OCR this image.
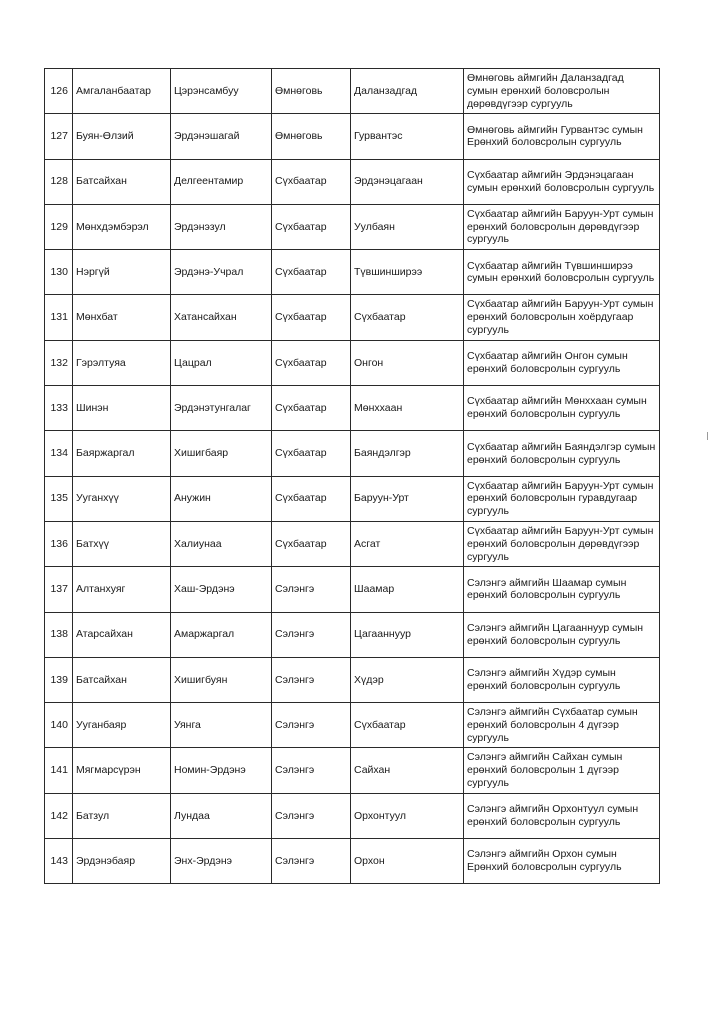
126	Амгаланбаатар	Цэрэнсамбуу	Өмнөговь	Даланзадгад	Өмнөговь аймгийн Даланзадгад сумын ерөнхий боловсролын дөрөвдүгээр сургууль
127	Буян-Өлзий	Эрдэнэшагай	Өмнөговь	Гурвантэс	Өмнөговь аймгийн Гурвантэс сумын Ерөнхий боловсролын сургууль
128	Батсайхан	Делгеентамир	Сүхбаатар	Эрдэнэцагаан	Сүхбаатар аймгийн Эрдэнэцагаан сумын ерөнхий боловсролын сургууль
129	Мөнхдэмбэрэл	Эрдэнэзул	Сүхбаатар	Уулбаян	Сүхбаатар аймгийн Баруун-Урт сумын ерөнхий боловсролын дөрөвдүгээр сургууль
130	Нэргүй	Эрдэнэ-Учрал	Сүхбаатар	Түвшинширээ	Сүхбаатар аймгийн Түвшинширээ сумын ерөнхий боловсролын сургууль
131	Мөнхбат	Хатансайхан	Сүхбаатар	Сүхбаатар	Сүхбаатар аймгийн Баруун-Урт сумын ерөнхий боловсролын хоёрдугаар сургууль
132	Гэрэлтуяа	Цацрал	Сүхбаатар	Онгон	Сүхбаатар аймгийн Онгон сумын ерөнхий боловсролын сургууль
133	Шинэн	Эрдэнэтунгалаг	Сүхбаатар	Мөнххаан	Сүхбаатар аймгийн Мөнххаан сумын ерөнхий боловсролын сургууль
134	Баяржаргал	Хишигбаяр	Сүхбаатар	Баяндэлгэр	Сүхбаатар аймгийн Баяндэлгэр сумын ерөнхий боловсролын сургууль
135	Ууганхүү	Анужин	Сүхбаатар	Баруун-Урт	Сүхбаатар аймгийн Баруун-Урт сумын ерөнхий боловсролын гуравдугаар сургууль
136	Батхүү	Халиунаа	Сүхбаатар	Асгат	Сүхбаатар аймгийн Баруун-Урт сумын ерөнхий боловсролын дөрөвдүгээр сургууль
137	Алтанхуяг	Хаш-Эрдэнэ	Сэлэнгэ	Шаамар	Сэлэнгэ аймгийн Шаамар сумын ерөнхий боловсролын сургууль
138	Атарсайхан	Амаржаргал	Сэлэнгэ	Цагааннуур	Сэлэнгэ аймгийн Цагааннуур сумын ерөнхий боловсролын сургууль
139	Батсайхан	Хишигбуян	Сэлэнгэ	Хүдэр	Сэлэнгэ аймгийн Хүдэр сумын ерөнхий боловсролын сургууль
140	Ууганбаяр	Уянга	Сэлэнгэ	Сүхбаатар	Сэлэнгэ аймгийн Сүхбаатар сумын ерөнхий боловсролын 4 дүгээр сургууль
141	Мягмарсүрэн	Номин-Эрдэнэ	Сэлэнгэ	Сайхан	Сэлэнгэ аймгийн Сайхан сумын ерөнхий боловсролын 1 дүгээр сургууль
142	Батзул	Лундаа	Сэлэнгэ	Орхонтуул	Сэлэнгэ аймгийн Орхонтуул сумын ерөнхий боловсролын сургууль
143	Эрдэнэбаяр	Энх-Эрдэнэ	Сэлэнгэ	Орхон	Сэлэнгэ аймгийн Орхон сумын Ерөнхий боловсролын сургууль
